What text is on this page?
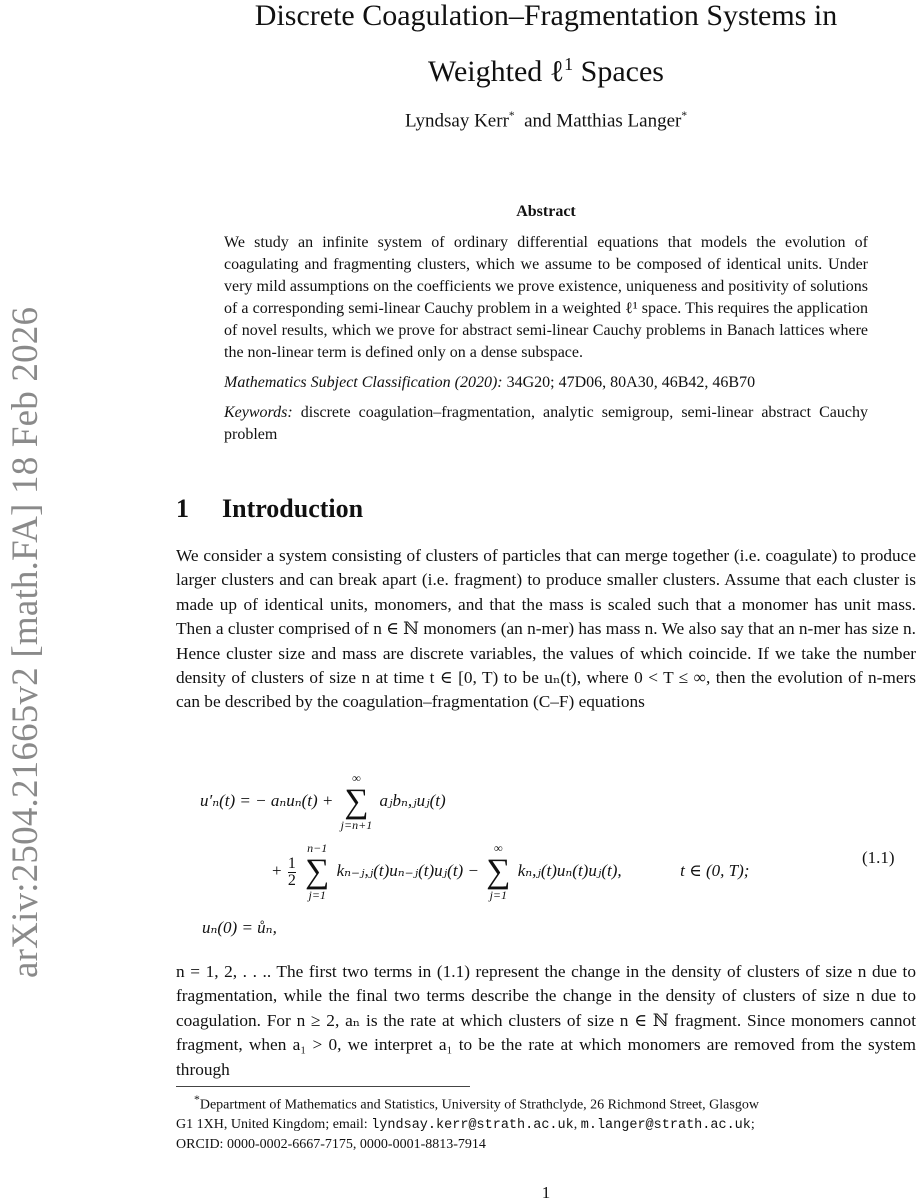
arXiv:2504.21665v2 [math.FA] 18 Feb 2026
Discrete Coagulation–Fragmentation Systems in
Weighted ℓ$^1$ Spaces
Lyndsay Kerr* and Matthias Langer*
Abstract

We study an infinite system of ordinary differential equations that models the evolution of coagulating and fragmenting clusters, which we assume to be composed of identical units. Under very mild assumptions on the coefficients we prove existence, uniqueness and positivity of solutions of a corresponding semi-linear Cauchy problem in a weighted ℓ¹ space. This requires the application of novel results, which we prove for abstract semi-linear Cauchy problems in Banach lattices where the non-linear term is defined only on a dense subspace.

Mathematics Subject Classification (2020): 34G20; 47D06, 80A30, 46B42, 46B70

Keywords: discrete coagulation–fragmentation, analytic semigroup, semi-linear abstract Cauchy problem

1 Introduction
We consider a system consisting of clusters of particles that can merge together (i.e. coagulate) to produce larger clusters and can break apart (i.e. fragment) to produce smaller clusters. Assume that each cluster is made up of identical units, monomers, and that the mass is scaled such that a monomer has unit mass. Then a cluster comprised of n ∈ ℕ monomers (an n-mer) has mass n. We also say that an n-mer has size n. Hence cluster size and mass are discrete variables, the values of which coincide. If we take the number density of clusters of size n at time t ∈ [0, T) to be uₙ(t), where 0 < T ≤ ∞, then the evolution of n-mers can be described by the coagulation–fragmentation (C–F) equations
u′ₙ(t) = − aₙuₙ(t) +
∞
∑
j=n+1
aⱼbₙ,ⱼuⱼ(t)
+ $\frac{1}{2}$

n−1
∑
j=1
kₙ₋ⱼ,ⱼ(t)uₙ₋ⱼ(t)uⱼ(t) −
∞
∑
j=1
kₙ,ⱼ(t)uₙ(t)uⱼ(t),	t ∈ (0, T);
(1.1)
uₙ(0) = ůₙ,
n = 1, 2, . . .. The first two terms in (1.1) represent the change in the density of clusters of size n due to fragmentation, while the final two terms describe the change in the density of clusters of size n due to coagulation. For n ≥ 2, aₙ is the rate at which clusters of size n ∈ ℕ fragment. Since monomers cannot fragment, when a₁ > 0, we interpret a₁ to be the rate at which monomers are removed from the system through
*Department of Mathematics and Statistics, University of Strathclyde, 26 Richmond Street, Glasgow
G1 1XH, United Kingdom; email: lyndsay.kerr@strath.ac.uk, m.langer@strath.ac.uk;
ORCID: 0000-0002-6667-7175, 0000-0001-8813-7914
1
